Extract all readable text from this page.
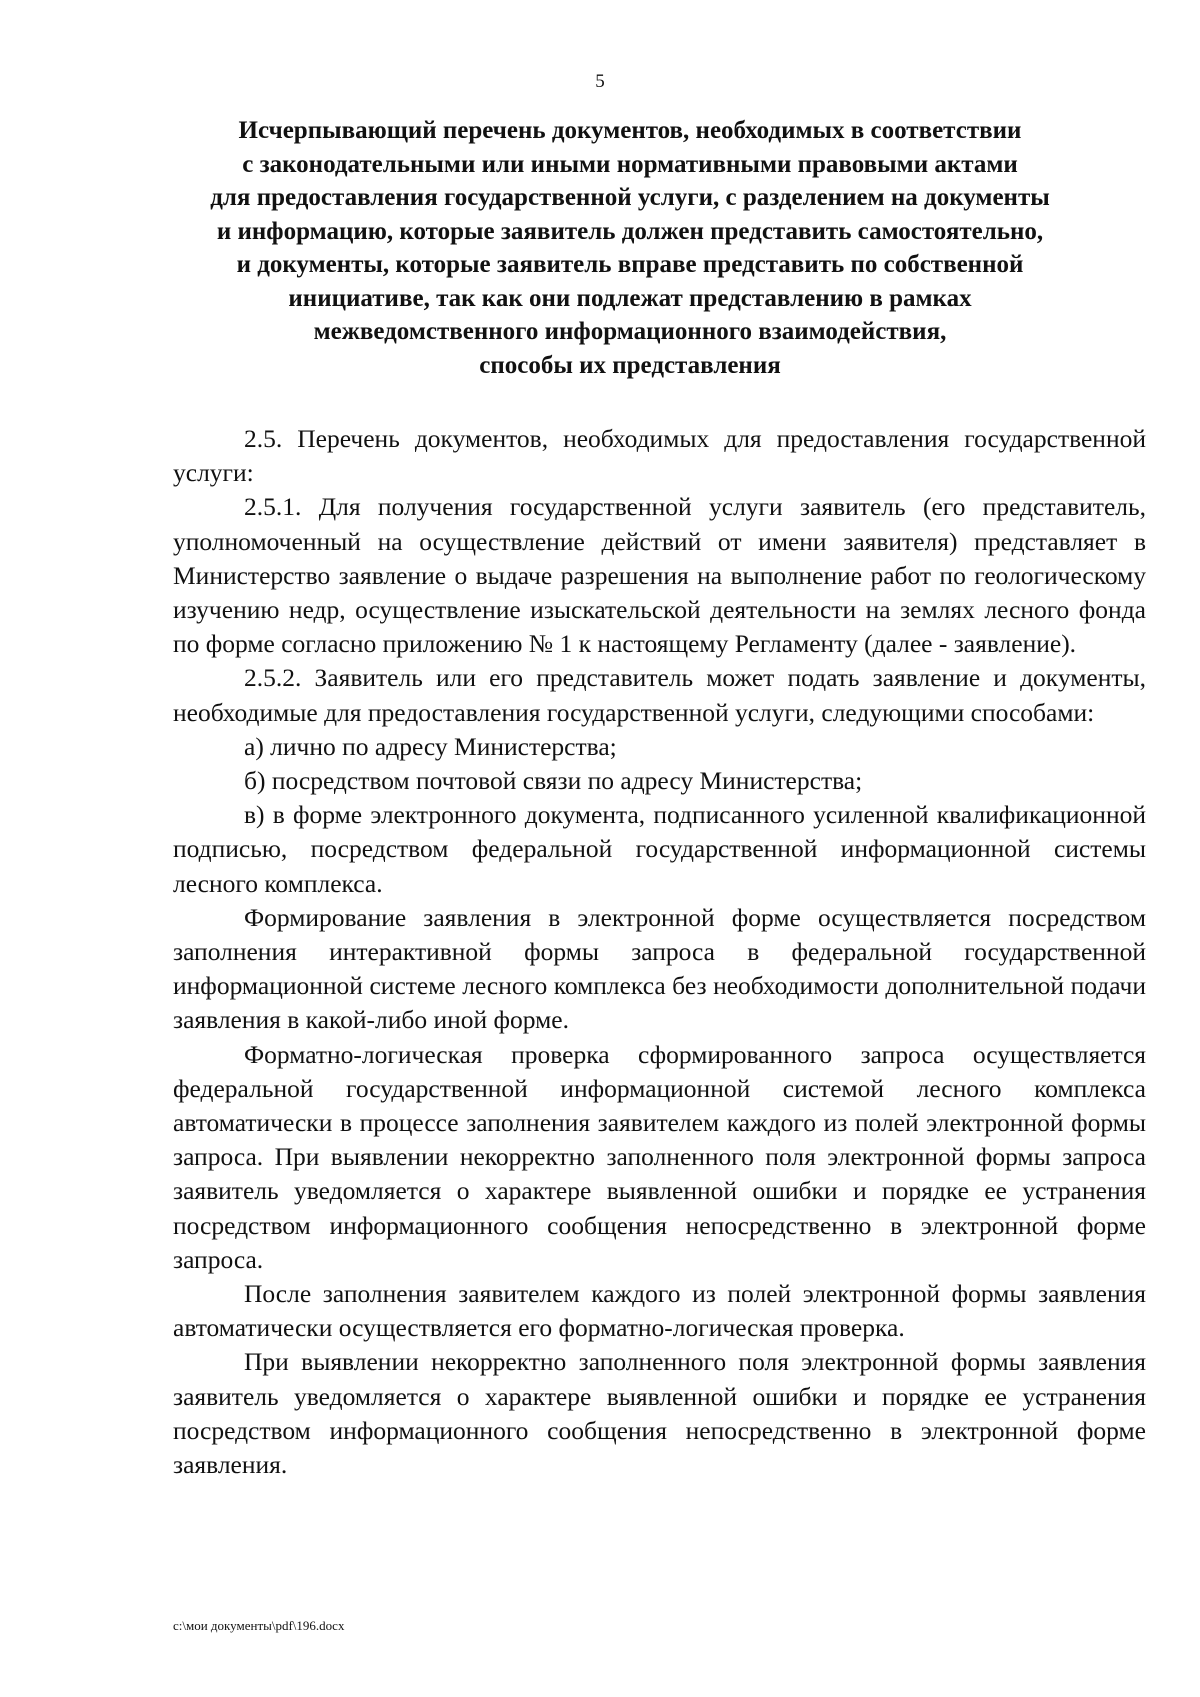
5
Исчерпывающий перечень документов, необходимых в соответствии
с законодательными или иными нормативными правовыми актами
для предоставления государственной услуги, с разделением на документы
и информацию, которые заявитель должен представить самостоятельно,
и документы, которые заявитель вправе представить по собственной
инициативе, так как они подлежат представлению в рамках
межведомственного информационного взаимодействия,
способы их представления

2.5. Перечень документов, необходимых для предоставления государственной услуги:

2.5.1. Для получения государственной услуги заявитель (его представитель, уполномоченный на осуществление действий от имени заявителя) представляет в Министерство заявление о выдаче разрешения на выполнение работ по геологическому изучению недр, осуществление изыскательской деятельности на землях лесного фонда по форме согласно приложению № 1 к настоящему Регламенту (далее - заявление).

2.5.2. Заявитель или его представитель может подать заявление и документы, необходимые для предоставления государственной услуги, следующими способами:

а) лично по адресу Министерства;

б) посредством почтовой связи по адресу Министерства;

в) в форме электронного документа, подписанного усиленной квалификационной подписью, посредством федеральной государственной информационной системы лесного комплекса.

Формирование заявления в электронной форме осуществляется посредством заполнения интерактивной формы запроса в федеральной государственной информационной системе лесного комплекса без необходимости дополнительной подачи заявления в какой-либо иной форме.

Форматно-логическая проверка сформированного запроса осуществляется федеральной государственной информационной системой лесного комплекса автоматически в процессе заполнения заявителем каждого из полей электронной формы запроса. При выявлении некорректно заполненного поля электронной формы запроса заявитель уведомляется о характере выявленной ошибки и порядке ее устранения посредством информационного сообщения непосредственно в электронной форме запроса.

После заполнения заявителем каждого из полей электронной формы заявления автоматически осуществляется его форматно-логическая проверка.

При выявлении некорректно заполненного поля электронной формы заявления заявитель уведомляется о характере выявленной ошибки и порядке ее устранения посредством информационного сообщения непосредственно в электронной форме заявления.

c:\мои документы\pdf\196.docx
